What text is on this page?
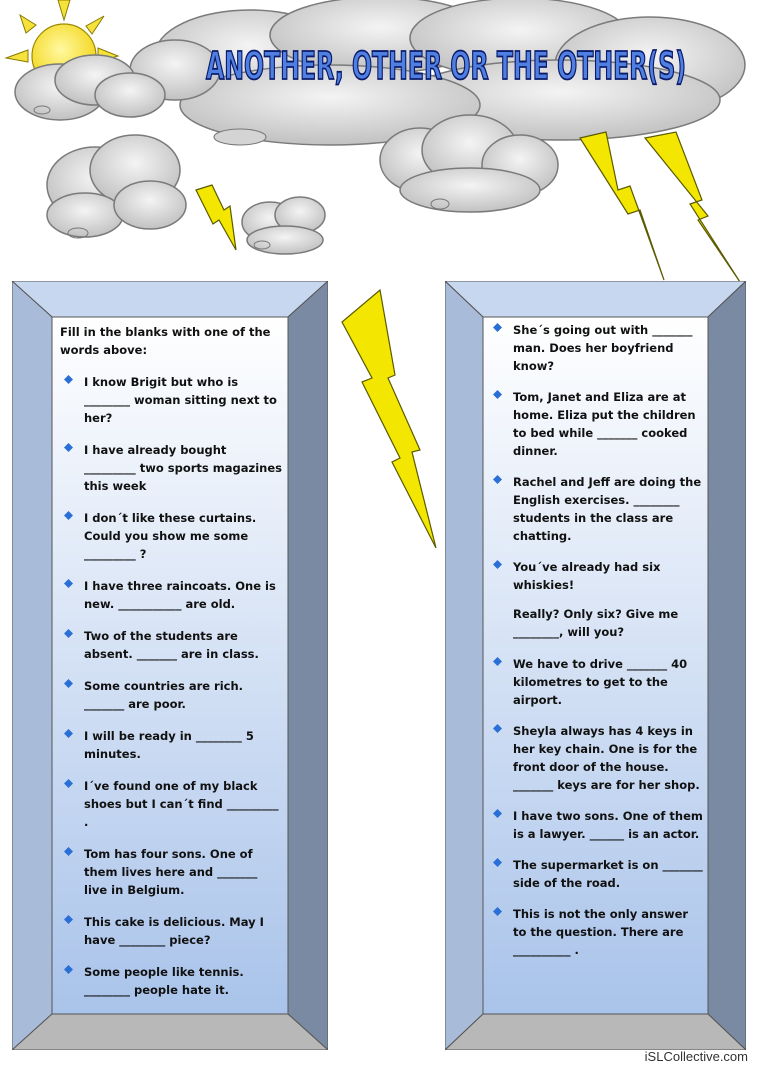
ANOTHER, OTHER OR THE OTHER(S)

Fill in the blanks with one of the words above:

I know Brigit but who is ________ woman sitting next to her?
I have already bought _________ two sports magazines this week
I don´t like these curtains. Could you show me some _________ ?
I have three raincoats. One is new. ___________ are old.
Two of the students are absent. _______ are in class.
Some countries are rich. _______ are poor.
I will be ready in ________ 5 minutes.
I´ve found one of my black shoes but I can´t find _________ .
Tom has four sons. One of them lives here and _______ live in Belgium.
This cake is delicious. May I have ________ piece?
Some people like tennis. ________ people hate it.
She´s going out with _______ man. Does her boyfriend know?
Tom, Janet and Eliza are at home. Eliza put the children to bed while _______ cooked dinner.
Rachel and Jeff are doing the English exercises. ________ students in the class are chatting.
You´ve already had six whiskies!

Really? Only six? Give me ________, will you?

We have to drive _______ 40 kilometres to get to the airport.
Sheyla always has 4 keys in her key chain. One is for the front door of the house. _______ keys are for her shop.
I have two sons. One of them is a lawyer. ______ is an actor.
The supermarket is on _______ side of the road.
This is not the only answer to the question. There are __________ .
iSLCollective.com
